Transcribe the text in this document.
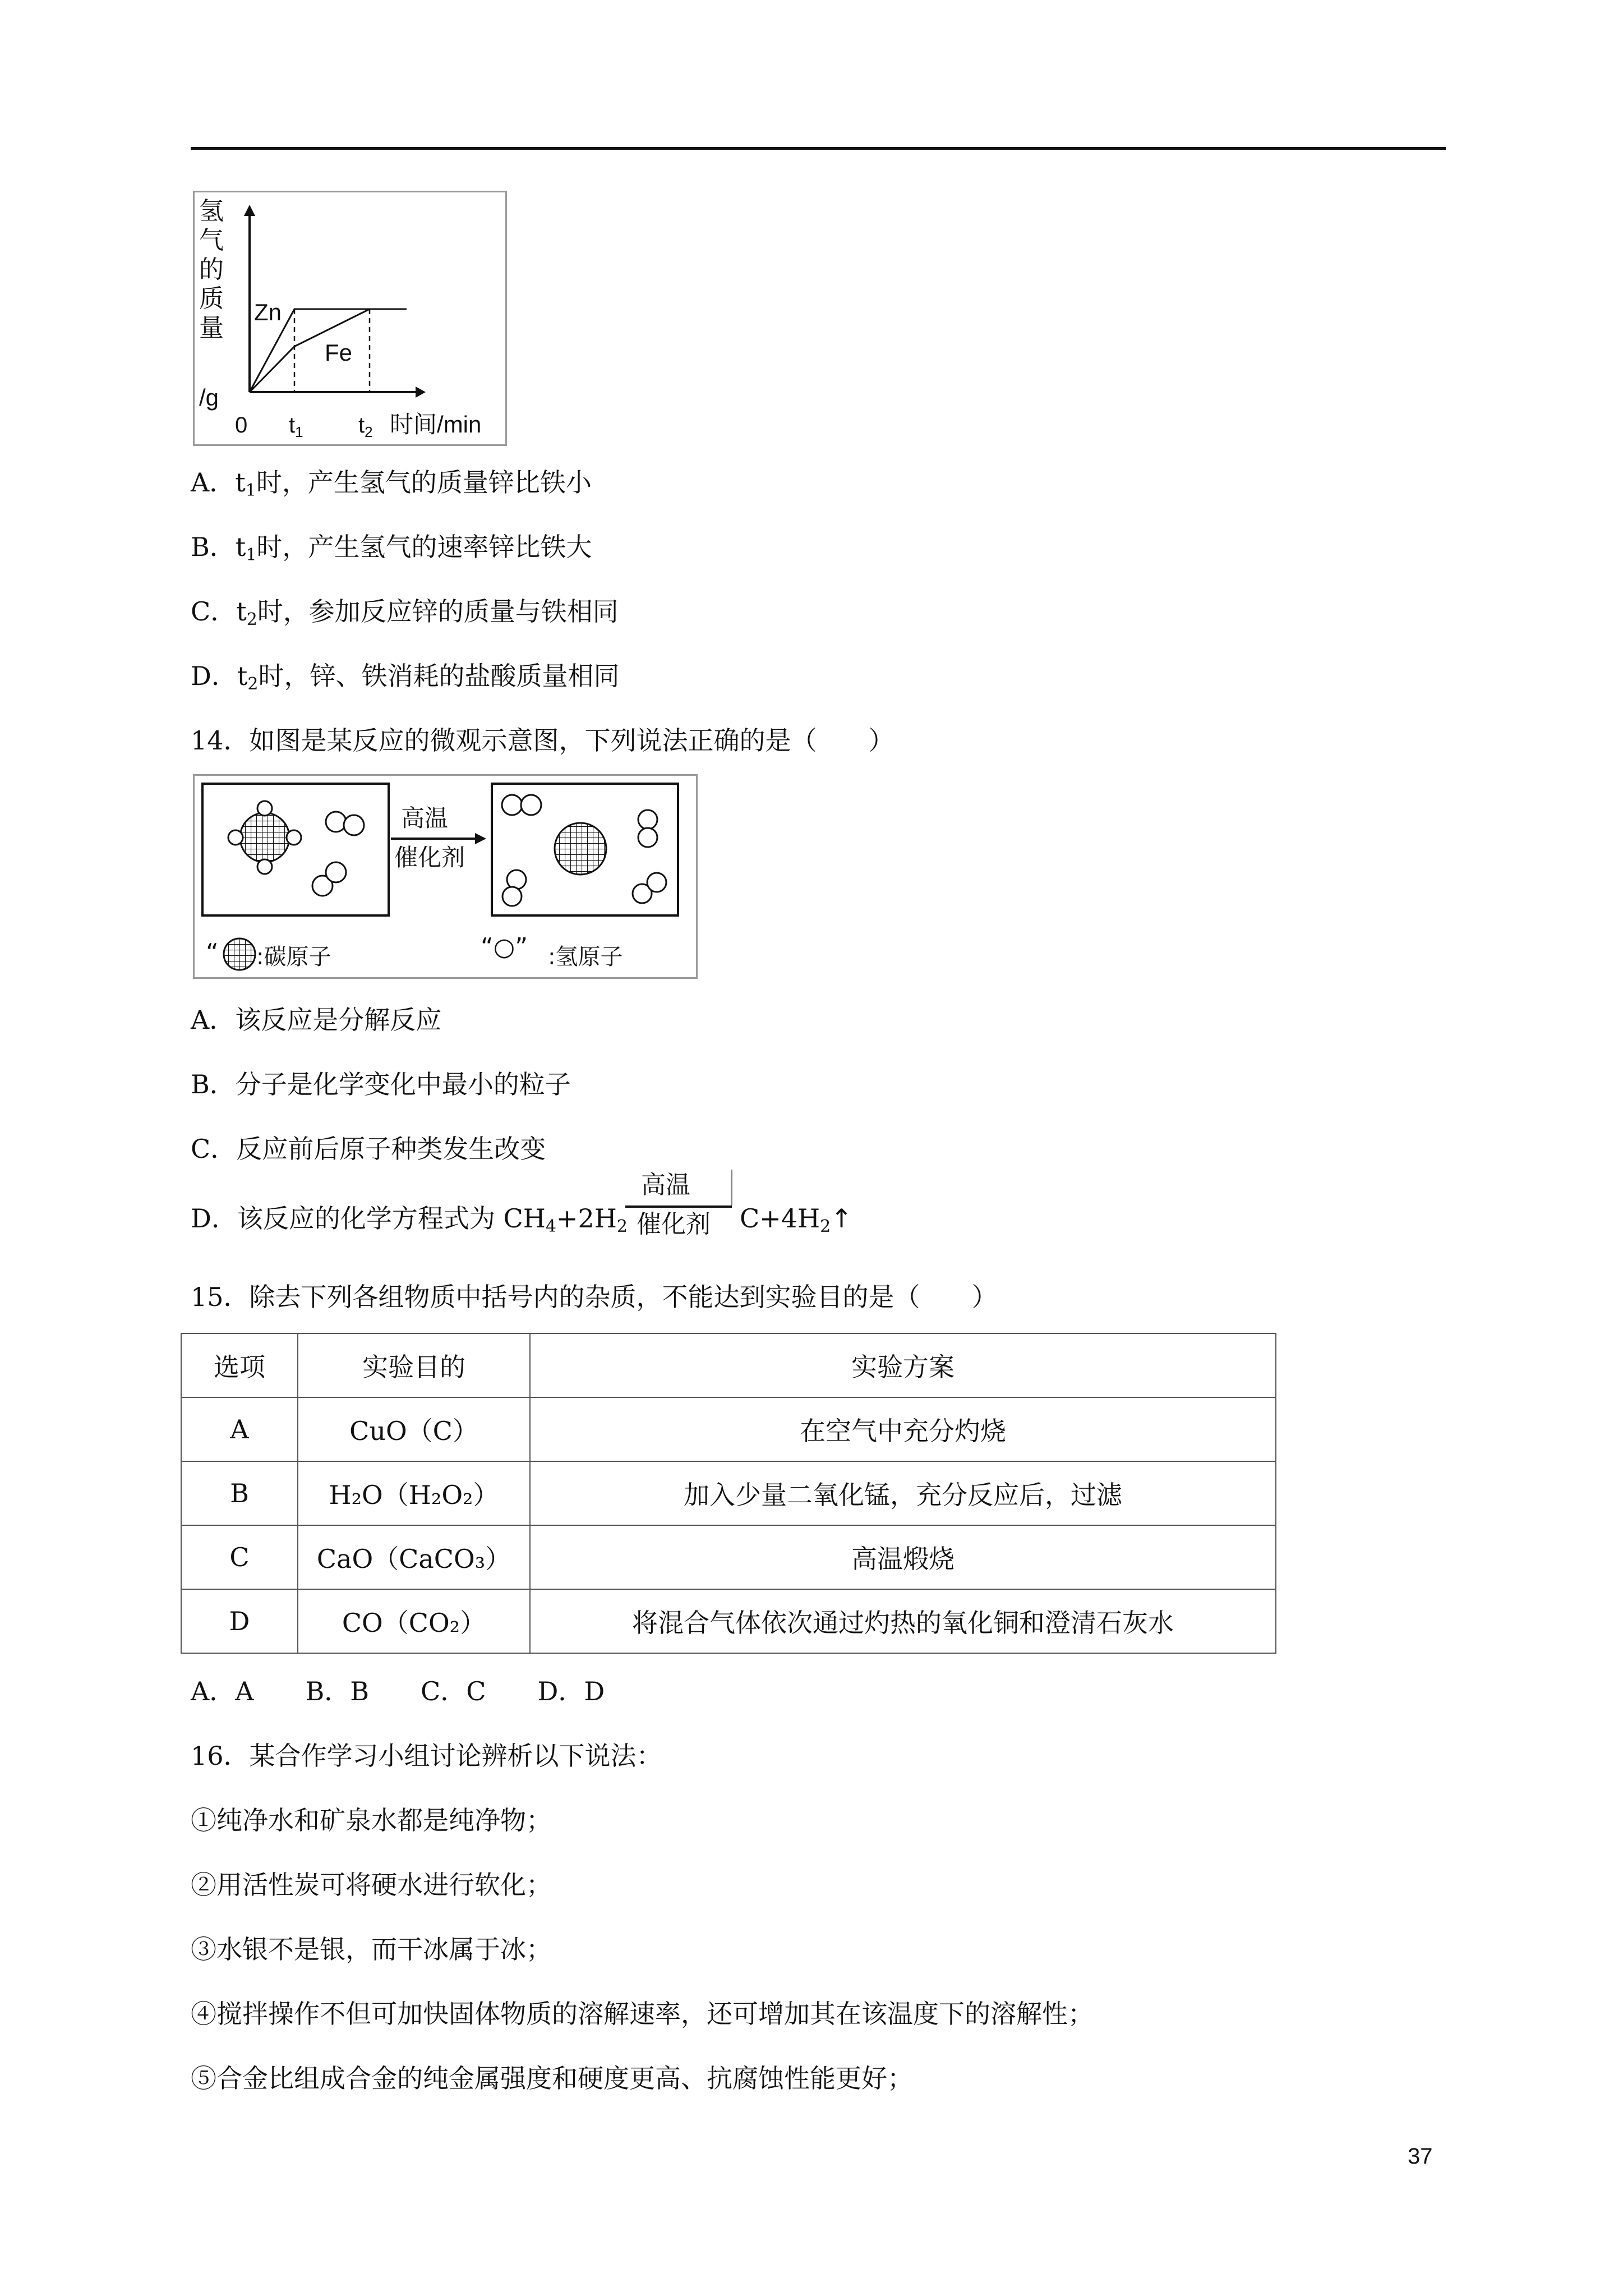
氢
气
的
质
量
/g
0 $t_1$ $t_2$ 时间/min
Zn
Fe
A．$t_1$时，产生氢气的质量锌比铁小
B．$t_1$时，产生氢气的速率锌比铁大
C．$t_2$时，参加反应锌的质量与铁相同
D．$t_2$时，锌、铁消耗的盐酸质量相同
14．如图是某反应的微观示意图，下列说法正确的是（　　）
高温
催化剂
“ :碳原子	“○” :氢原子
A．该反应是分解反应
B．分子是化学变化中最小的粒子
C．反应前后原子种类发生改变
D．该反应的化学方程式为 $CH_4+2H_2$	$C+4H_2↑$
高温
催化剂
15．除去下列各组物质中括号内的杂质，不能达到实验目的是（　　）
选项	实验目的	实验方案
A	CuO（C）	在空气中充分灼烧
B	H₂O（H₂O₂）	加入少量二氧化锰，充分反应后，过滤
C	CaO（CaCO₃）	高温煅烧
D	CO（CO₂）	将混合气体依次通过灼热的氧化铜和澄清石灰水
A．A　　B．B　　C．C　　D．D
16．某合作学习小组讨论辨析以下说法：
①纯净水和矿泉水都是纯净物；
②用活性炭可将硬水进行软化；
③水银不是银，而干冰属于冰；
④搅拌操作不但可加快固体物质的溶解速率，还可增加其在该温度下的溶解性；
⑤合金比组成合金的纯金属强度和硬度更高、抗腐蚀性能更好；
37
